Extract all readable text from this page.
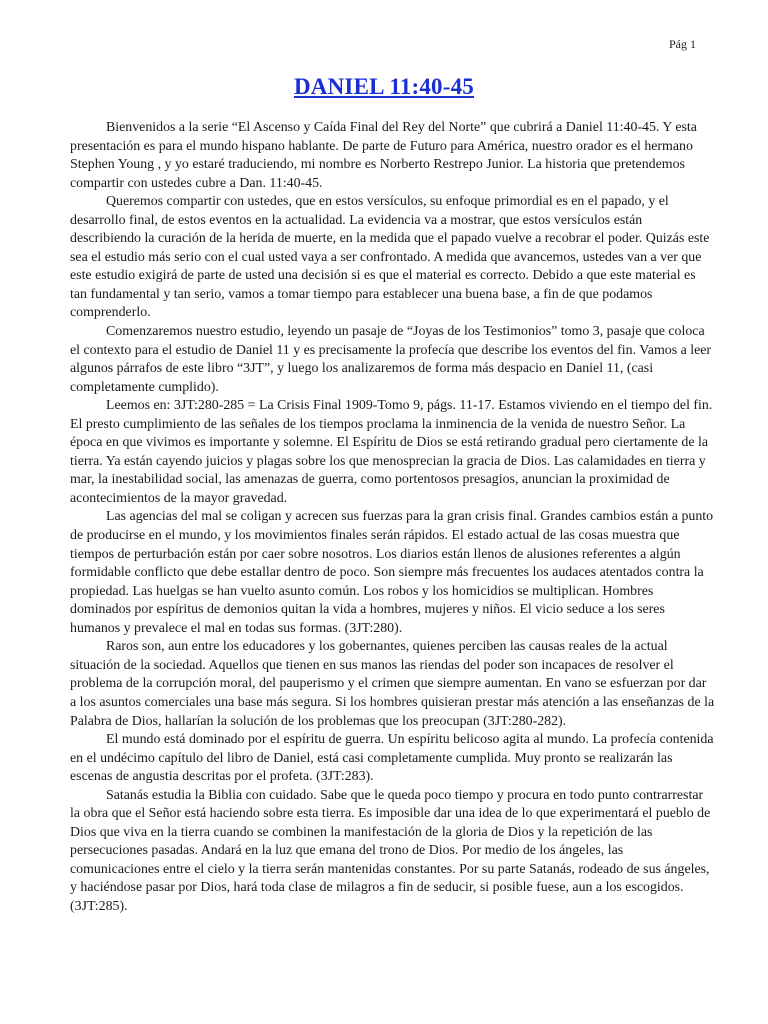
Pág 1
DANIEL 11:40-45

Bienvenidos a la serie “El Ascenso y Caída Final del Rey del Norte” que cubrirá a Daniel 11:40-45. Y esta presentación es para el mundo hispano hablante. De parte de Futuro para América, nuestro orador es el hermano Stephen Young , y yo estaré traduciendo, mi nombre es Norberto Restrepo Junior. La historia que pretendemos compartir con ustedes cubre a Dan. 11:40-45.

Queremos compartir con ustedes, que en estos versículos, su enfoque primordial es en el papado, y el desarrollo final, de estos eventos en la actualidad. La evidencia va a mostrar, que estos versículos están describiendo la curación de la herida de muerte, en la medida que el papado vuelve a recobrar el poder. Quizás este sea el estudio más serio con el cual usted vaya a ser confrontado. A medida que avancemos, ustedes van a ver que este estudio exigirá de parte de usted una decisión si es que el material es correcto. Debido a que este material es tan fundamental y tan serio, vamos a tomar tiempo para establecer una buena base, a fin de que podamos comprenderlo.

Comenzaremos nuestro estudio, leyendo un pasaje de “Joyas de los Testimonios” tomo 3, pasaje que coloca el contexto para el estudio de Daniel 11 y es precisamente la profecía que describe los eventos del fin. Vamos a leer algunos párrafos de este libro “3JT”, y luego los analizaremos de forma más despacio en Daniel 11, (casi completamente cumplido).

Leemos en: 3JT:280-285 = La Crisis Final 1909-Tomo 9, págs. 11-17. Estamos viviendo en el tiempo del fin. El presto cumplimiento de las señales de los tiempos proclama la inminencia de la venida de nuestro Señor. La época en que vivimos es importante y solemne. El Espíritu de Dios se está retirando gradual pero ciertamente de la tierra. Ya están cayendo juicios y plagas sobre los que menosprecian la gracia de Dios. Las calamidades en tierra y mar, la inestabilidad social, las amenazas de guerra, como portentosos presagios, anuncian la proximidad de acontecimientos de la mayor gravedad.

Las agencias del mal se coligan y acrecen sus fuerzas para la gran crisis final. Grandes cambios están a punto de producirse en el mundo, y los movimientos finales serán rápidos. El estado actual de las cosas muestra que tiempos de perturbación están por caer sobre nosotros. Los diarios están llenos de alusiones referentes a algún formidable conflicto que debe estallar dentro de poco. Son siempre más frecuentes los audaces atentados contra la propiedad. Las huelgas se han vuelto asunto común. Los robos y los homicidios se multiplican. Hombres dominados por espíritus de demonios quitan la vida a hombres, mujeres y niños. El vicio seduce a los seres humanos y prevalece el mal en todas sus formas. (3JT:280).

Raros son, aun entre los educadores y los gobernantes, quienes perciben las causas reales de la actual situación de la sociedad. Aquellos que tienen en sus manos las riendas del poder son incapaces de resolver el problema de la corrupción moral, del pauperismo y el crimen que siempre aumentan. En vano se esfuerzan por dar a los asuntos comerciales una base más segura. Si los hombres quisieran prestar más atención a las enseñanzas de la Palabra de Dios, hallarían la solución de los problemas que los preocupan (3JT:280-282).

El mundo está dominado por el espíritu de guerra. Un espíritu belicoso agita al mundo. La profecía contenida en el undécimo capítulo del libro de Daniel, está casi completamente cumplida. Muy pronto se realizarán las escenas de angustia descritas por el profeta. (3JT:283).

Satanás estudia la Biblia con cuidado. Sabe que le queda poco tiempo y procura en todo punto contrarrestar la obra que el Señor está haciendo sobre esta tierra. Es imposible dar una idea de lo que experimentará el pueblo de Dios que viva en la tierra cuando se combinen la manifestación de la gloria de Dios y la repetición de las persecuciones pasadas. Andará en la luz que emana del trono de Dios. Por medio de los ángeles, las comunicaciones entre el cielo y la tierra serán mantenidas constantes. Por su parte Satanás, rodeado de sus ángeles, y haciéndose pasar por Dios, hará toda clase de milagros a fin de seducir, si posible fuese, aun a los escogidos. (3JT:285).
